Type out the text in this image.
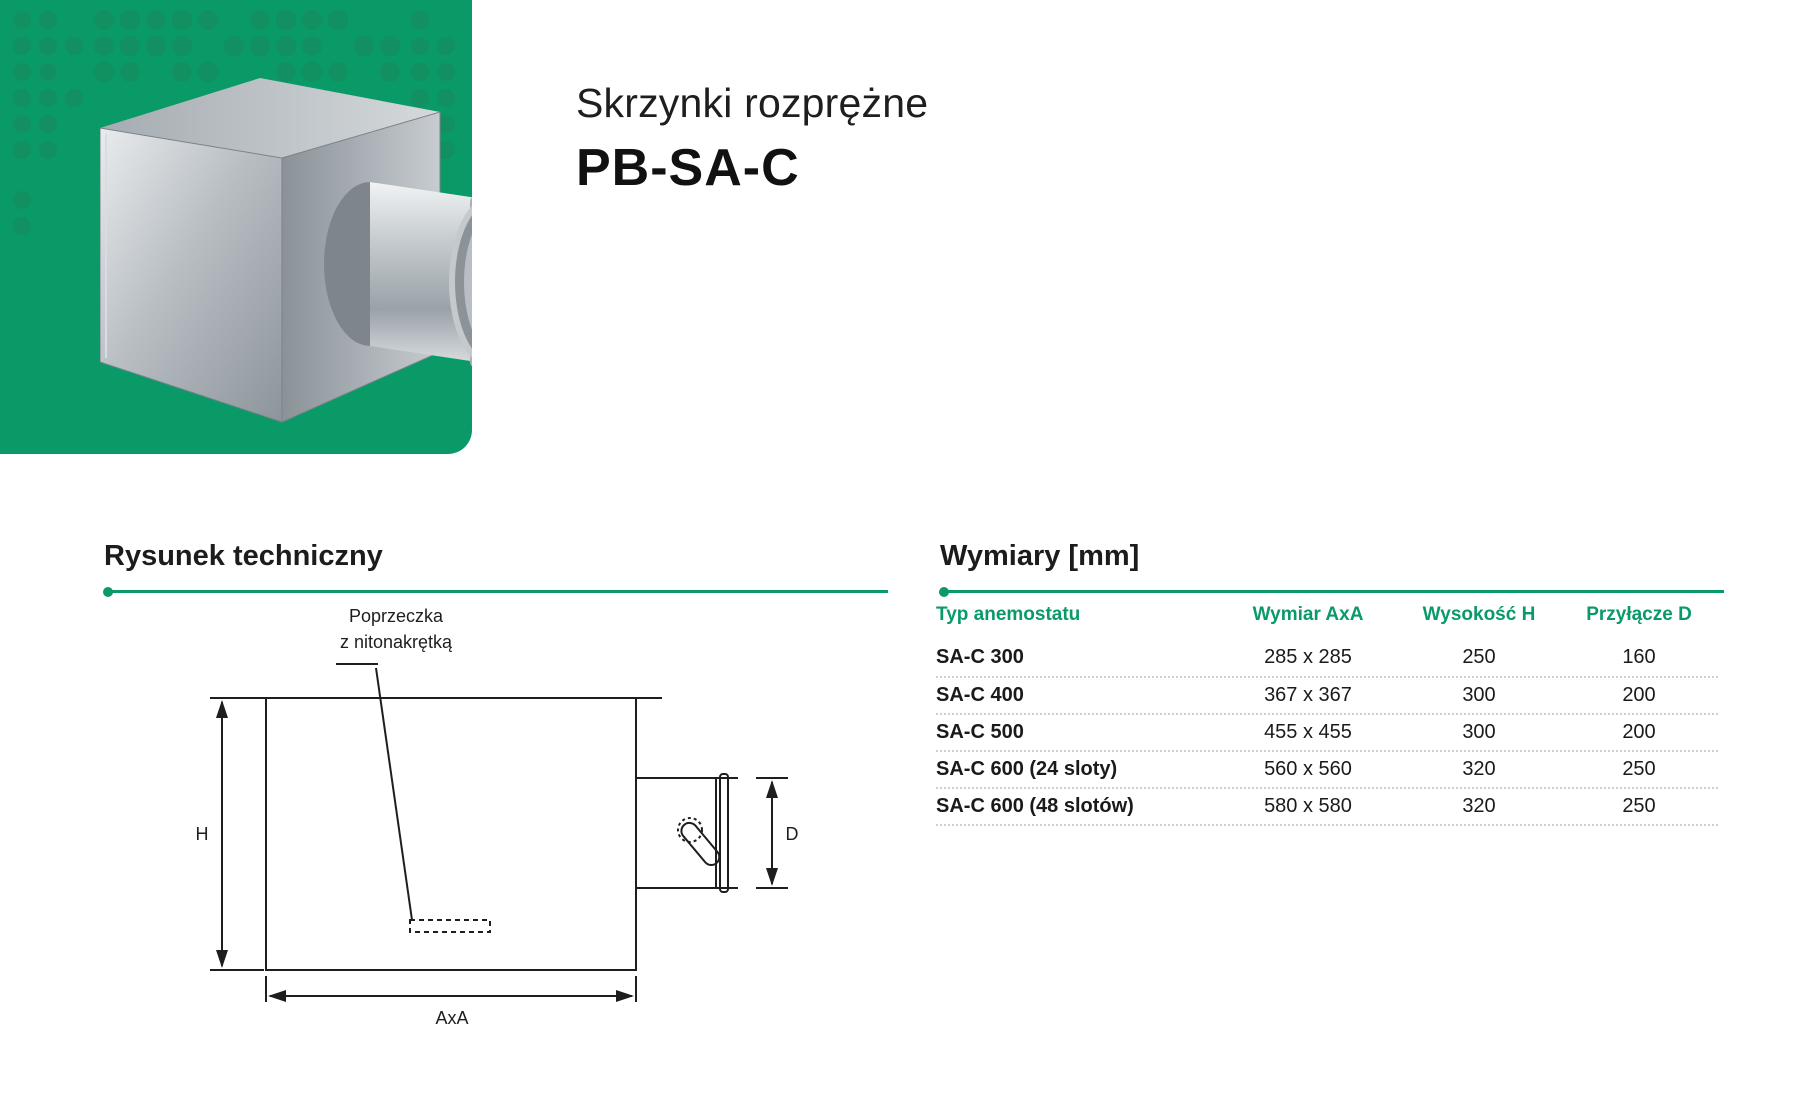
Skrzynki rozprężne
PB-SA-C
Rysunek techniczny
Poprzeczka
z nitonakrętką
H	D
AxA
Wymiary [mm]
Typ anemostatu	Wymiar AxA	Wysokość H	Przyłącze D
SA-C 300	285 x 285	250	160
SA-C 400	367 x 367	300	200
SA-C 500	455 x 455	300	200
SA-C 600 (24 sloty)	560 x 560	320	250
SA-C 600 (48 slotów)	580 x 580	320	250
